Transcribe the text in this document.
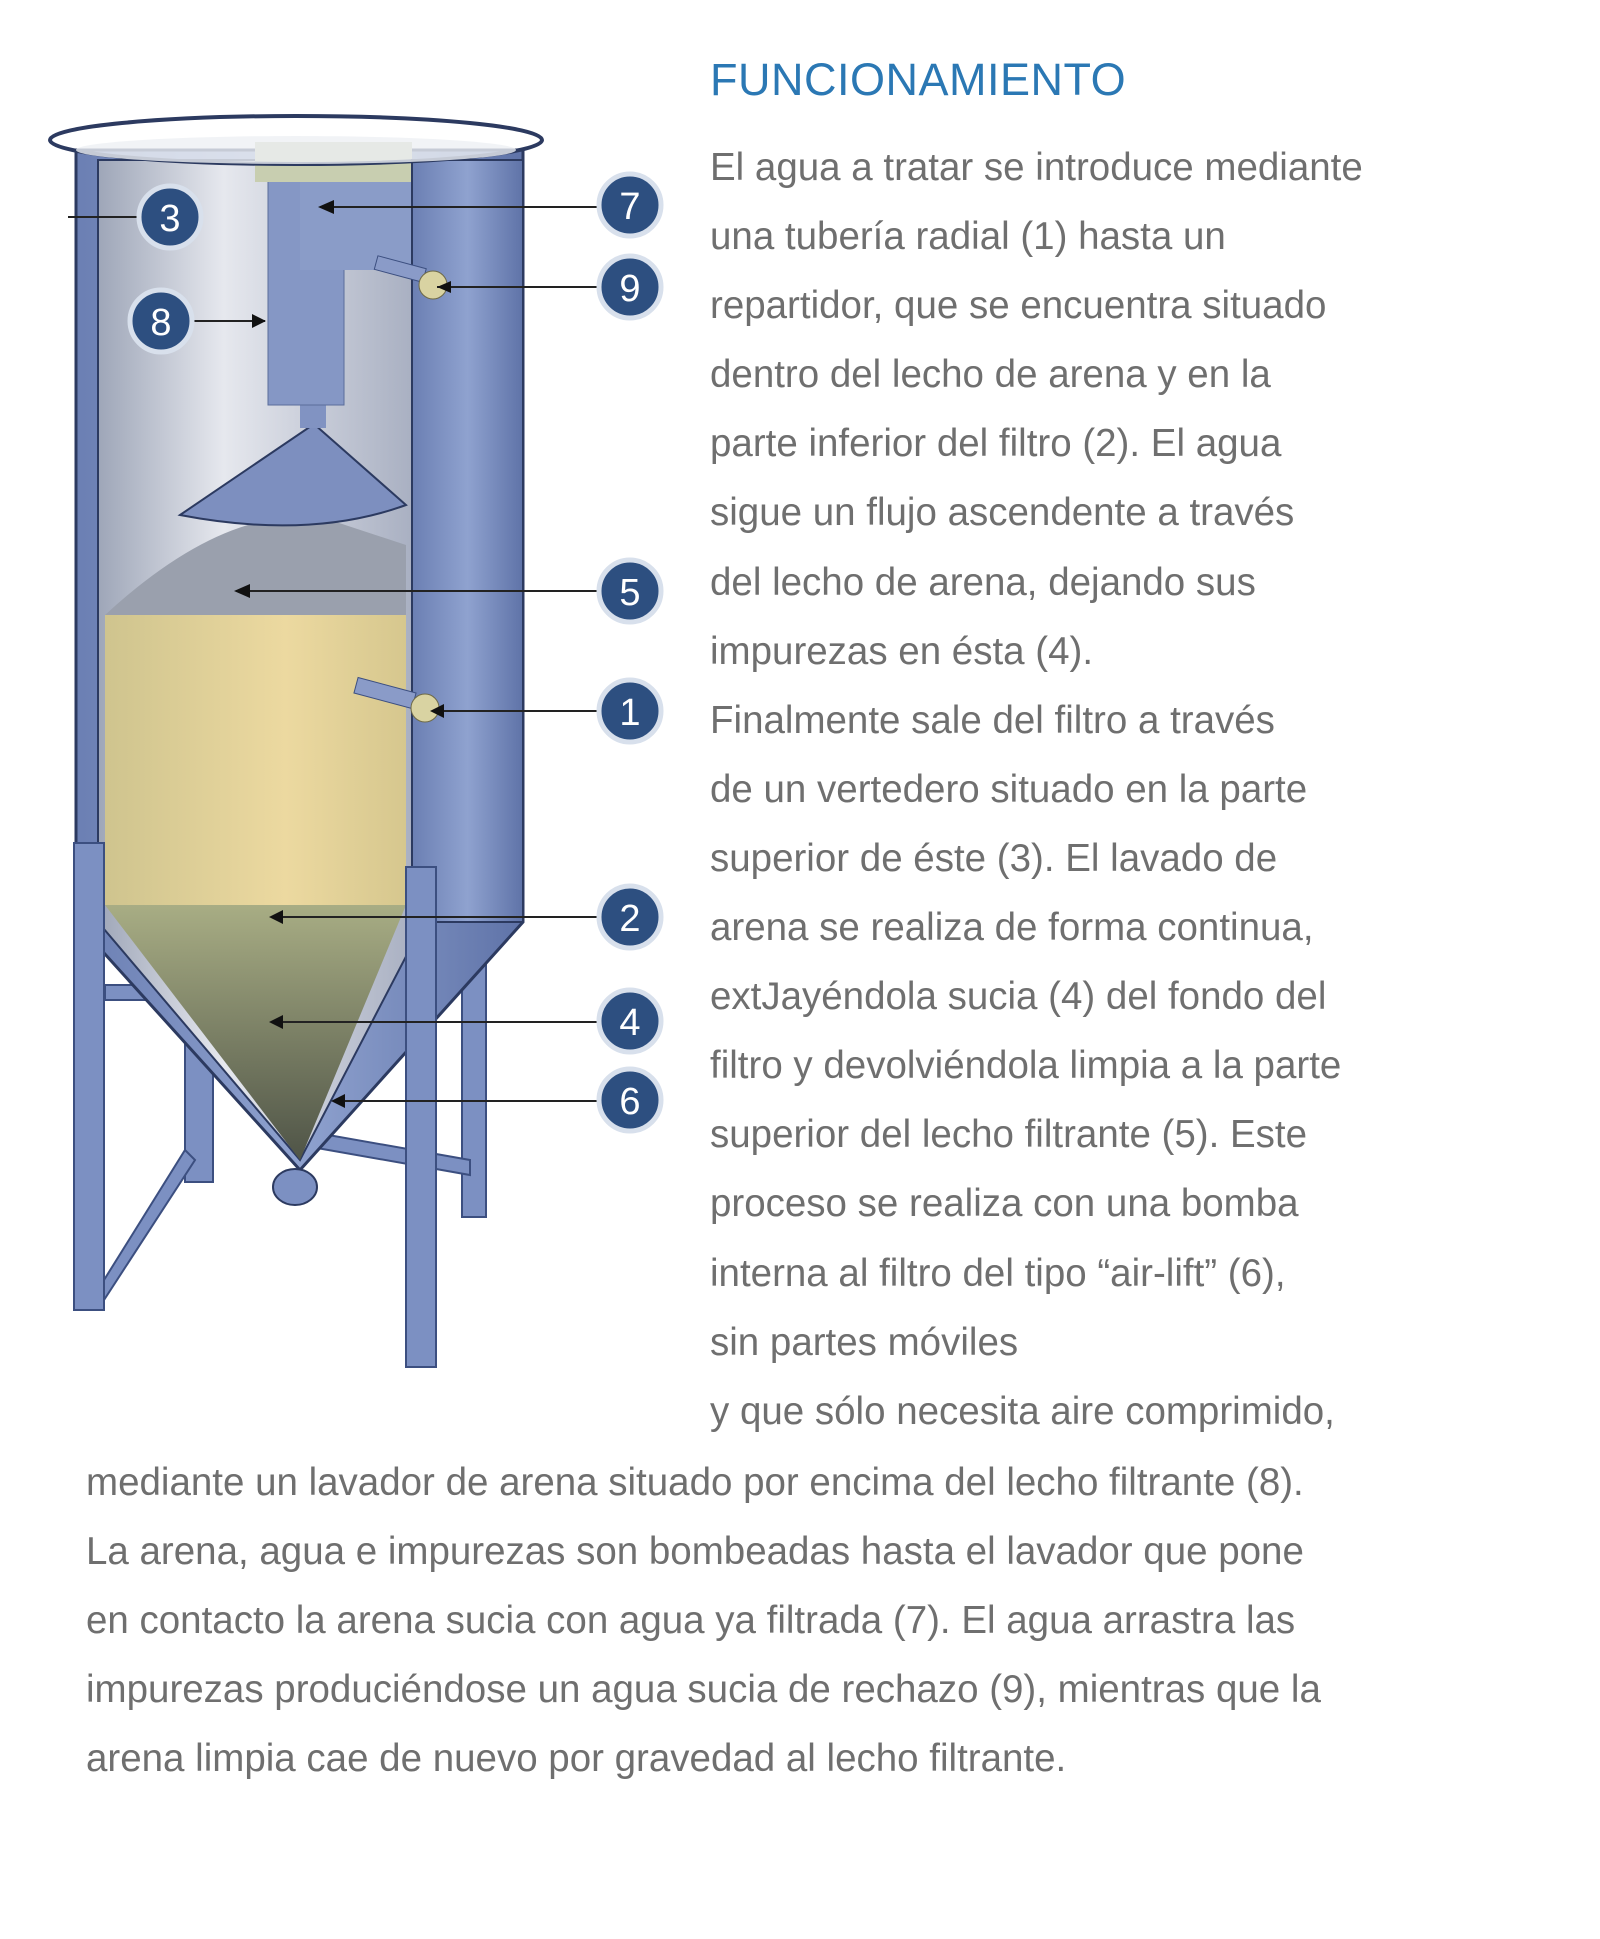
7
9
3
8
5
1
2
4
6
FUNCIONAMIENTO
El agua a tratar se introduce mediante
una tubería radial (1) hasta un
repartidor, que se encuentra situado
dentro del lecho de arena y en la
parte inferior del filtro (2). El agua
sigue un flujo ascendente a través
del lecho de arena, dejando sus
impurezas en ésta (4).
Finalmente sale del filtro a través
de un vertedero situado en la parte
superior de éste (3). El lavado de
arena se realiza de forma continua,
extJayéndola sucia (4) del fondo del
filtro y devolviéndola limpia a la parte
superior del lecho filtrante (5). Este
proceso se realiza con una bomba
interna al filtro del tipo “air-lift” (6),
sin partes móviles
y que sólo necesita aire comprimido,
mediante un lavador de arena situado por encima del lecho filtrante (8).
La arena, agua e impurezas son bombeadas hasta el lavador que pone
en contacto la arena sucia con agua ya filtrada (7). El agua arrastra las
impurezas produciéndose un agua sucia de rechazo (9), mientras que la
arena limpia cae de nuevo por gravedad al lecho filtrante.
